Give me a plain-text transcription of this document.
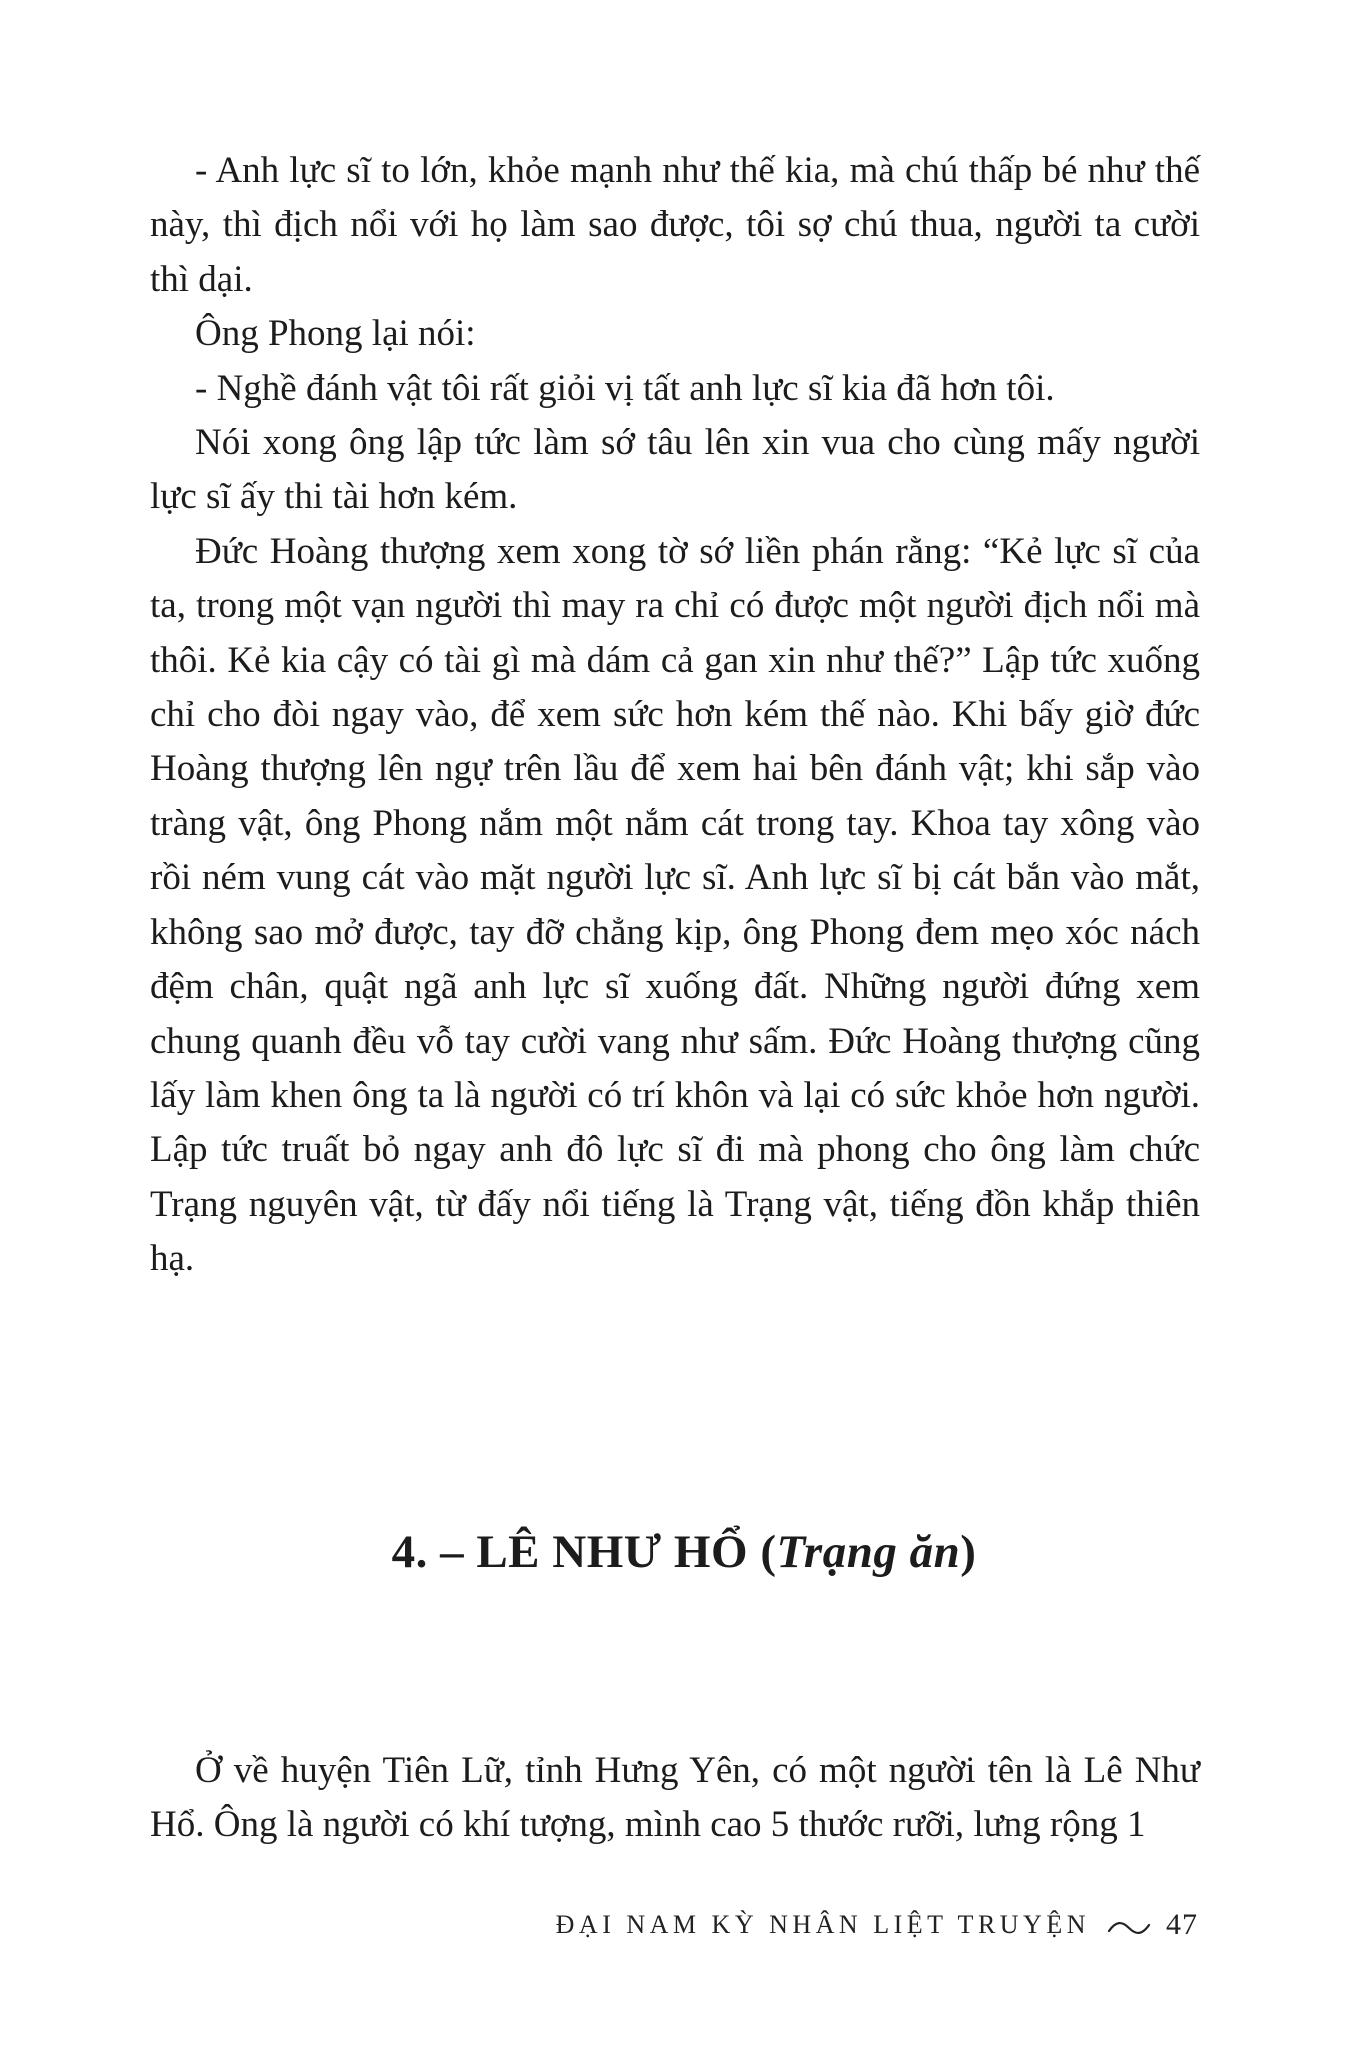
- Anh lực sĩ to lớn, khỏe mạnh như thế kia, mà chú thấp bé như thế này, thì địch nổi với họ làm sao được, tôi sợ chú thua, người ta cười thì dại.

Ông Phong lại nói:

- Nghề đánh vật tôi rất giỏi vị tất anh lực sĩ kia đã hơn tôi.

Nói xong ông lập tức làm sớ tâu lên xin vua cho cùng mấy người lực sĩ ấy thi tài hơn kém.

Đức Hoàng thượng xem xong tờ sớ liền phán rằng: “Kẻ lực sĩ của ta, trong một vạn người thì may ra chỉ có được một người địch nổi mà thôi. Kẻ kia cậy có tài gì mà dám cả gan xin như thế?” Lập tức xuống chỉ cho đòi ngay vào, để xem sức hơn kém thế nào. Khi bấy giờ đức Hoàng thượng lên ngự trên lầu để xem hai bên đánh vật; khi sắp vào tràng vật, ông Phong nắm một nắm cát trong tay. Khoa tay xông vào rồi ném vung cát vào mặt người lực sĩ. Anh lực sĩ bị cát bắn vào mắt, không sao mở được, tay đỡ chẳng kịp, ông Phong đem mẹo xóc nách đệm chân, quật ngã anh lực sĩ xuống đất. Những người đứng xem chung quanh đều vỗ tay cười vang như sấm. Đức Hoàng thượng cũng lấy làm khen ông ta là người có trí khôn và lại có sức khỏe hơn người. Lập tức truất bỏ ngay anh đô lực sĩ đi mà phong cho ông làm chức Trạng nguyên vật, từ đấy nổi tiếng là Trạng vật, tiếng đồn khắp thiên hạ.

4. – LÊ NHƯ HỔ (Trạng ăn)

Ở về huyện Tiên Lữ, tỉnh Hưng Yên, có một người tên là Lê Như Hổ. Ông là người có khí tượng, mình cao 5 thước rưỡi, lưng rộng 1

ĐẠI NAM KỲ NHÂN LIỆT TRUYỆN	47
